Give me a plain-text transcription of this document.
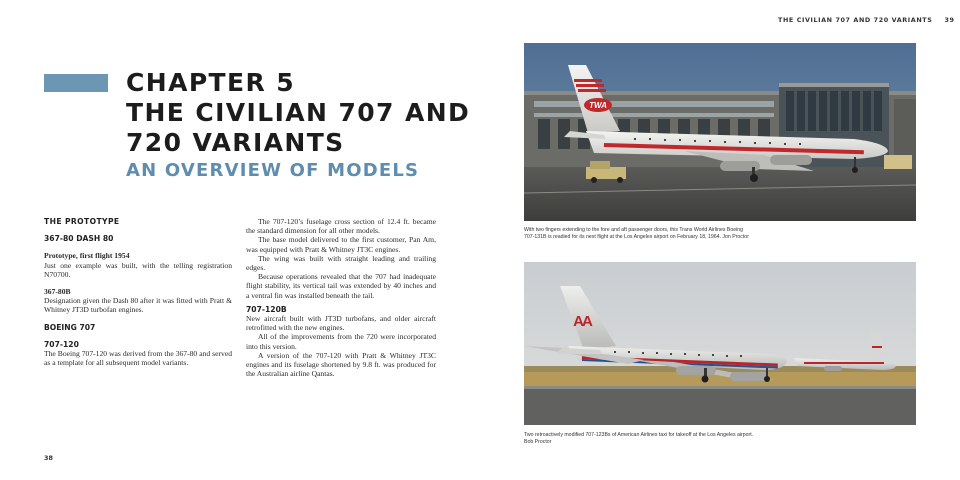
THE CIVILIAN 707 AND 720 VARIANTS 39
CHAPTER 5
THE CIVILIAN 707 AND
720 VARIANTS
AN OVERVIEW OF MODELS
THE PROTOTYPE
367-80 DASH 80
Prototype, first flight 1954
Just one example was built, with the telling registration N70700.
367-80B
Designation given the Dash 80 after it was fitted with Pratt & Whitney JT3D turbofan engines.
BOEING 707
707-120
The Boeing 707-120 was derived from the 367-80 and served as a template for all subsequent model variants.
The 707-120’s fuselage cross section of 12.4 ft. became the standard dimension for all other models.
The base model delivered to the first customer, Pan Am, was equipped with Pratt & Whitney JT3C engines.
The wing was built with straight leading and trailing edges.
Because operations revealed that the 707 had inadequate flight stability, its vertical tail was extended by 40 inches and a ventral fin was installed beneath the tail.
707-120B
New aircraft built with JT3D turbofans, and older aircraft retrofitted with the new engines.
All of the improvements from the 720 were incorporated into this version.
A version of the 707-120 with Pratt & Whitney JT3C engines and its fuselage shortened by 9.8 ft. was produced for the Australian airline Qantas.
TWA
AA
With two fingers extending to the fore and aft passenger doors, this Trans World Airlines Boeing 707-131B is readied for its next flight at the Los Angeles airport on February 18, 1964. Jon Proctor
Two retroactively modified 707-123Bs of American Airlines taxi for takeoff at the Los Angeles airport. Bob Proctor
38
